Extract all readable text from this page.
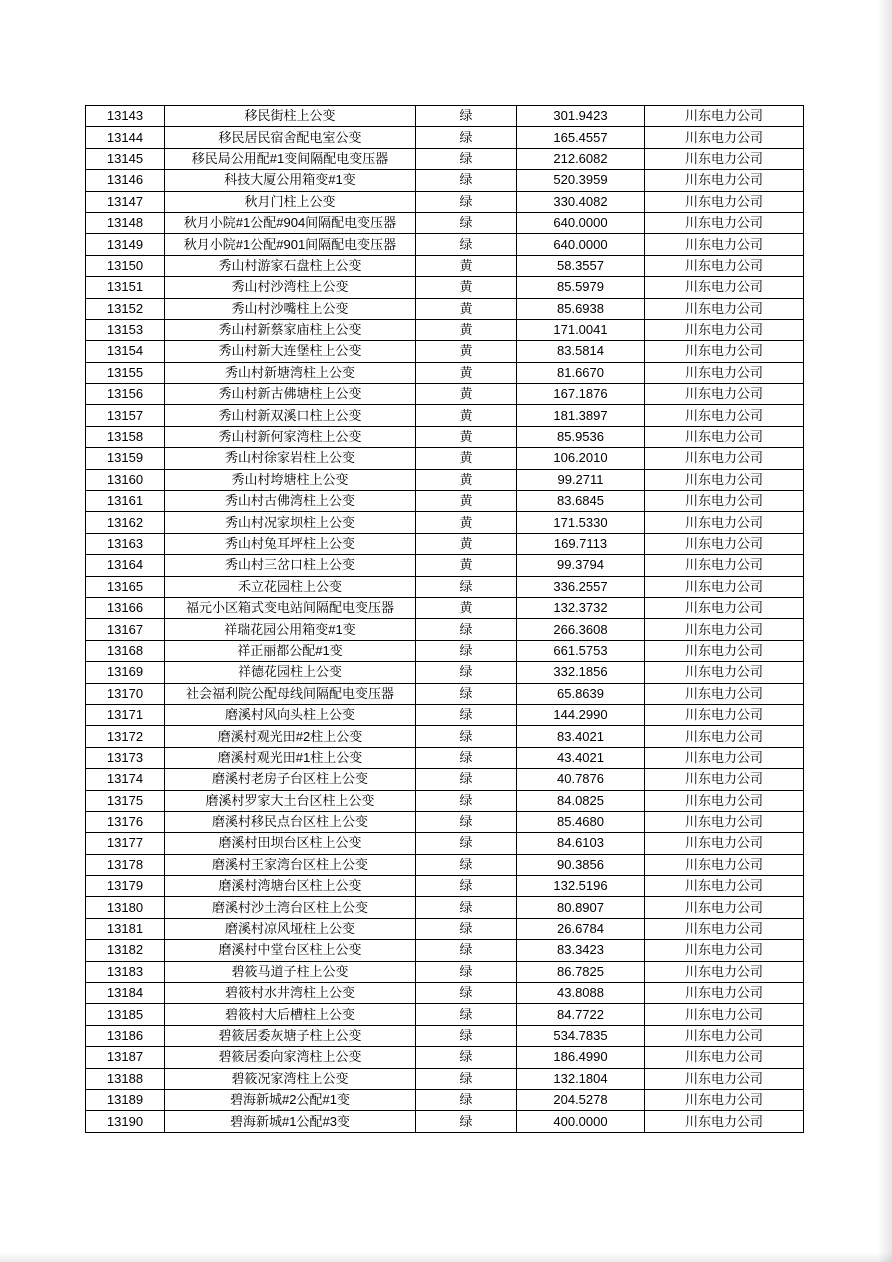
13143	移民街柱上公变	绿	301.9423	川东电力公司
13144	移民居民宿舍配电室公变	绿	165.4557	川东电力公司
13145	移民局公用配#1变间隔配电变压器	绿	212.6082	川东电力公司
13146	科技大厦公用箱变#1变	绿	520.3959	川东电力公司
13147	秋月门柱上公变	绿	330.4082	川东电力公司
13148	秋月小院#1公配#904间隔配电变压器	绿	640.0000	川东电力公司
13149	秋月小院#1公配#901间隔配电变压器	绿	640.0000	川东电力公司
13150	秀山村游家石盘柱上公变	黄	58.3557	川东电力公司
13151	秀山村沙湾柱上公变	黄	85.5979	川东电力公司
13152	秀山村沙嘴柱上公变	黄	85.6938	川东电力公司
13153	秀山村新蔡家庙柱上公变	黄	171.0041	川东电力公司
13154	秀山村新大连堡柱上公变	黄	83.5814	川东电力公司
13155	秀山村新塘湾柱上公变	黄	81.6670	川东电力公司
13156	秀山村新古佛塘柱上公变	黄	167.1876	川东电力公司
13157	秀山村新双溪口柱上公变	黄	181.3897	川东电力公司
13158	秀山村新何家湾柱上公变	黄	85.9536	川东电力公司
13159	秀山村徐家岩柱上公变	黄	106.2010	川东电力公司
13160	秀山村垮塘柱上公变	黄	99.2711	川东电力公司
13161	秀山村古佛湾柱上公变	黄	83.6845	川东电力公司
13162	秀山村况家坝柱上公变	黄	171.5330	川东电力公司
13163	秀山村兔耳坪柱上公变	黄	169.7113	川东电力公司
13164	秀山村三岔口柱上公变	黄	99.3794	川东电力公司
13165	禾立花园柱上公变	绿	336.2557	川东电力公司
13166	福元小区箱式变电站间隔配电变压器	黄	132.3732	川东电力公司
13167	祥瑞花园公用箱变#1变	绿	266.3608	川东电力公司
13168	祥正丽都公配#1变	绿	661.5753	川东电力公司
13169	祥德花园柱上公变	绿	332.1856	川东电力公司
13170	社会福利院公配母线间隔配电变压器	绿	65.8639	川东电力公司
13171	磨溪村风向头柱上公变	绿	144.2990	川东电力公司
13172	磨溪村观光田#2柱上公变	绿	83.4021	川东电力公司
13173	磨溪村观光田#1柱上公变	绿	43.4021	川东电力公司
13174	磨溪村老房子台区柱上公变	绿	40.7876	川东电力公司
13175	磨溪村罗家大土台区柱上公变	绿	84.0825	川东电力公司
13176	磨溪村移民点台区柱上公变	绿	85.4680	川东电力公司
13177	磨溪村田坝台区柱上公变	绿	84.6103	川东电力公司
13178	磨溪村王家湾台区柱上公变	绿	90.3856	川东电力公司
13179	磨溪村湾塘台区柱上公变	绿	132.5196	川东电力公司
13180	磨溪村沙土湾台区柱上公变	绿	80.8907	川东电力公司
13181	磨溪村凉风垭柱上公变	绿	26.6784	川东电力公司
13182	磨溪村中堂台区柱上公变	绿	83.3423	川东电力公司
13183	碧筱马道子柱上公变	绿	86.7825	川东电力公司
13184	碧筱村水井湾柱上公变	绿	43.8088	川东电力公司
13185	碧筱村大后槽柱上公变	绿	84.7722	川东电力公司
13186	碧筱居委灰塘子柱上公变	绿	534.7835	川东电力公司
13187	碧筱居委向家湾柱上公变	绿	186.4990	川东电力公司
13188	碧筱况家湾柱上公变	绿	132.1804	川东电力公司
13189	碧海新城#2公配#1变	绿	204.5278	川东电力公司
13190	碧海新城#1公配#3变	绿	400.0000	川东电力公司
